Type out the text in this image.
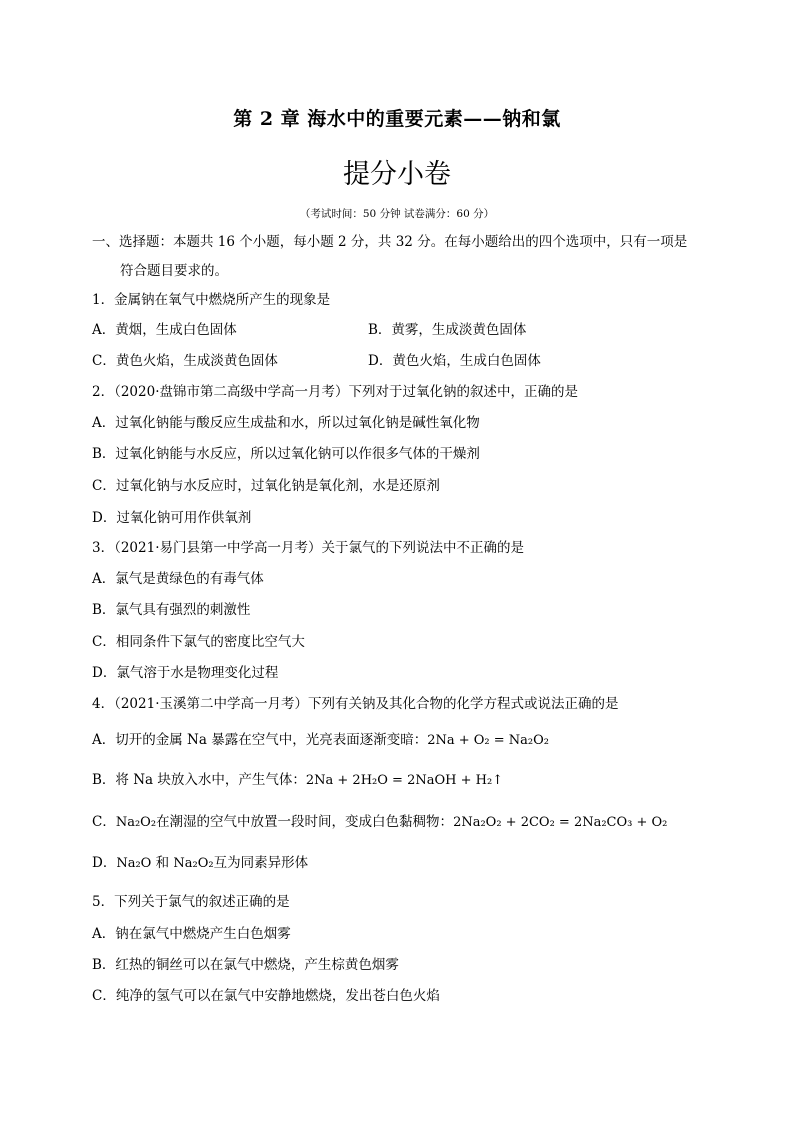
第 2 章 海水中的重要元素——钠和氯
提分小卷
（考试时间：50 分钟 试卷满分：60 分）
一、选择题：本题共 16 个小题，每小题 2 分，共 32 分。在每小题给出的四个选项中，只有一项是
符合题目要求的。
1．金属钠在氧气中燃烧所产生的现象是
A．黄烟，生成白色固体	B．黄雾，生成淡黄色固体
C．黄色火焰，生成淡黄色固体	D．黄色火焰，生成白色固体
2．（2020·盘锦市第二高级中学高一月考）下列对于过氧化钠的叙述中，正确的是
A．过氧化钠能与酸反应生成盐和水，所以过氧化钠是碱性氧化物
B．过氧化钠能与水反应，所以过氧化钠可以作很多气体的干燥剂
C．过氧化钠与水反应时，过氧化钠是氧化剂，水是还原剂
D．过氧化钠可用作供氧剂
3．（2021·易门县第一中学高一月考）关于氯气的下列说法中不正确的是
A．氯气是黄绿色的有毒气体
B．氯气具有强烈的刺激性
C．相同条件下氯气的密度比空气大
D．氯气溶于水是物理变化过程
4．（2021·玉溪第二中学高一月考）下列有关钠及其化合物的化学方程式或说法正确的是
A．切开的金属 Na 暴露在空气中，光亮表面逐渐变暗：2Na + O₂ = Na₂O₂
B．将 Na 块放入水中，产生气体：2Na + 2H₂O = 2NaOH + H₂↑
C．Na₂O₂在潮湿的空气中放置一段时间，变成白色黏稠物：2Na₂O₂ + 2CO₂ = 2Na₂CO₃ + O₂
D．Na₂O 和 Na₂O₂互为同素异形体
5．下列关于氯气的叙述正确的是
A．钠在氯气中燃烧产生白色烟雾
B．红热的铜丝可以在氯气中燃烧，产生棕黄色烟雾
C．纯净的氢气可以在氯气中安静地燃烧，发出苍白色火焰
